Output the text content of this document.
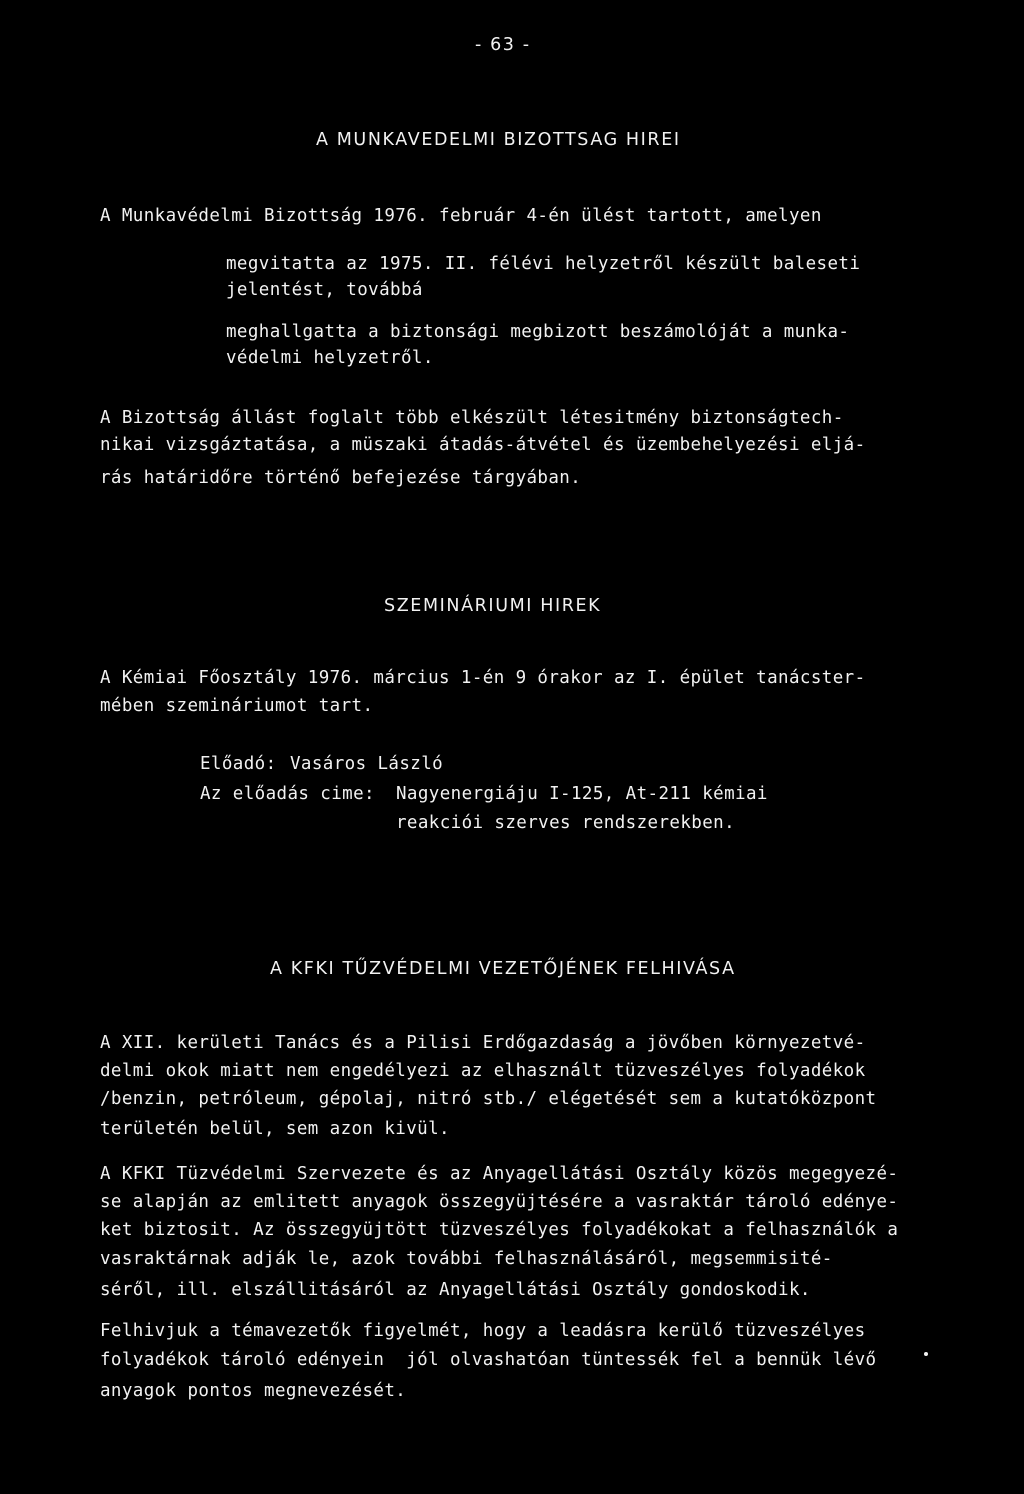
- 63 -
A MUNKAVEDELMI BIZOTTSAG HIREI
A Munkavédelmi Bizottság 1976. február 4-én ülést tartott, amelyen
megvitatta az 1975. II. félévi helyzetről készült baleseti
jelentést, továbbá
meghallgatta a biztonsági megbizott beszámolóját a munka-
védelmi helyzetről.
A Bizottság állást foglalt több elkészült létesitmény biztonságtech-
nikai vizsgáztatása, a müszaki átadás-átvétel és üzembehelyezési eljá-
rás határidőre történő befejezése tárgyában.
SZEMINÁRIUMI HIREK
A Kémiai Főosztály 1976. március 1-én 9 órakor az I. épület tanácster-
mében szemináriumot tart.
Előadó: Vasáros László
Az előadás cime: Nagyenergiáju I-125, At-211 kémiai
reakciói szerves rendszerekben.
A KFKI TŰZVÉDELMI VEZETŐJÉNEK FELHIVÁSA
A XII. kerületi Tanács és a Pilisi Erdőgazdaság a jövőben környezetvé-
delmi okok miatt nem engedélyezi az elhasznált tüzveszélyes folyadékok
/benzin, petróleum, gépolaj, nitró stb./ elégetését sem a kutatóközpont
területén belül, sem azon kivül.
A KFKI Tüzvédelmi Szervezete és az Anyagellátási Osztály közös megegyezé-
se alapján az emlitett anyagok összegyüjtésére a vasraktár tároló edénye-
ket biztosit. Az összegyüjtött tüzveszélyes folyadékokat a felhasználók a
vasraktárnak adják le, azok további felhasználásáról, megsemmisité-
séről, ill. elszállitásáról az Anyagellátási Osztály gondoskodik.
Felhivjuk a témavezetők figyelmét, hogy a leadásra kerülő tüzveszélyes
folyadékok tároló edényein  jól olvashatóan tüntessék fel a bennük lévő
anyagok pontos megnevezését.
